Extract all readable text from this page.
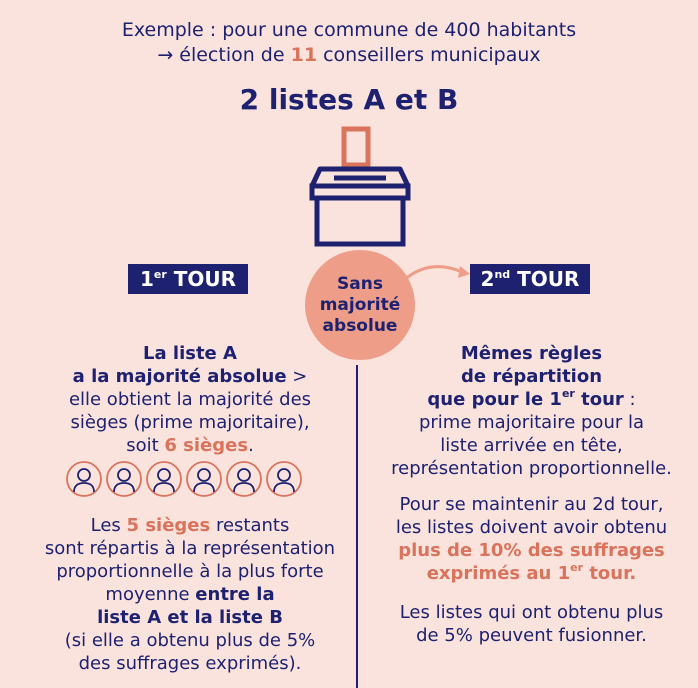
Exemple : pour une commune de 400 habitants
→ élection de 11 conseillers municipaux
2 listes A et B
1er TOUR	2nd TOUR
Sans
majorité
absolue
La liste A
a la majorité absolue >
elle obtient la majorité des
sièges (prime majoritaire),
soit 6 sièges.
Les 5 sièges restants
sont répartis à la représentation
proportionnelle à la plus forte
moyenne entre la
liste A et la liste B
(si elle a obtenu plus de 5%
des suffrages exprimés).
Mêmes règles
de répartition
que pour le 1er tour :
prime majoritaire pour la
liste arrivée en tête,
représentation proportionnelle.
Pour se maintenir au 2d tour,
les listes doivent avoir obtenu
plus de 10% des suffrages
exprimés au 1er tour.
Les listes qui ont obtenu plus
de 5% peuvent fusionner.
